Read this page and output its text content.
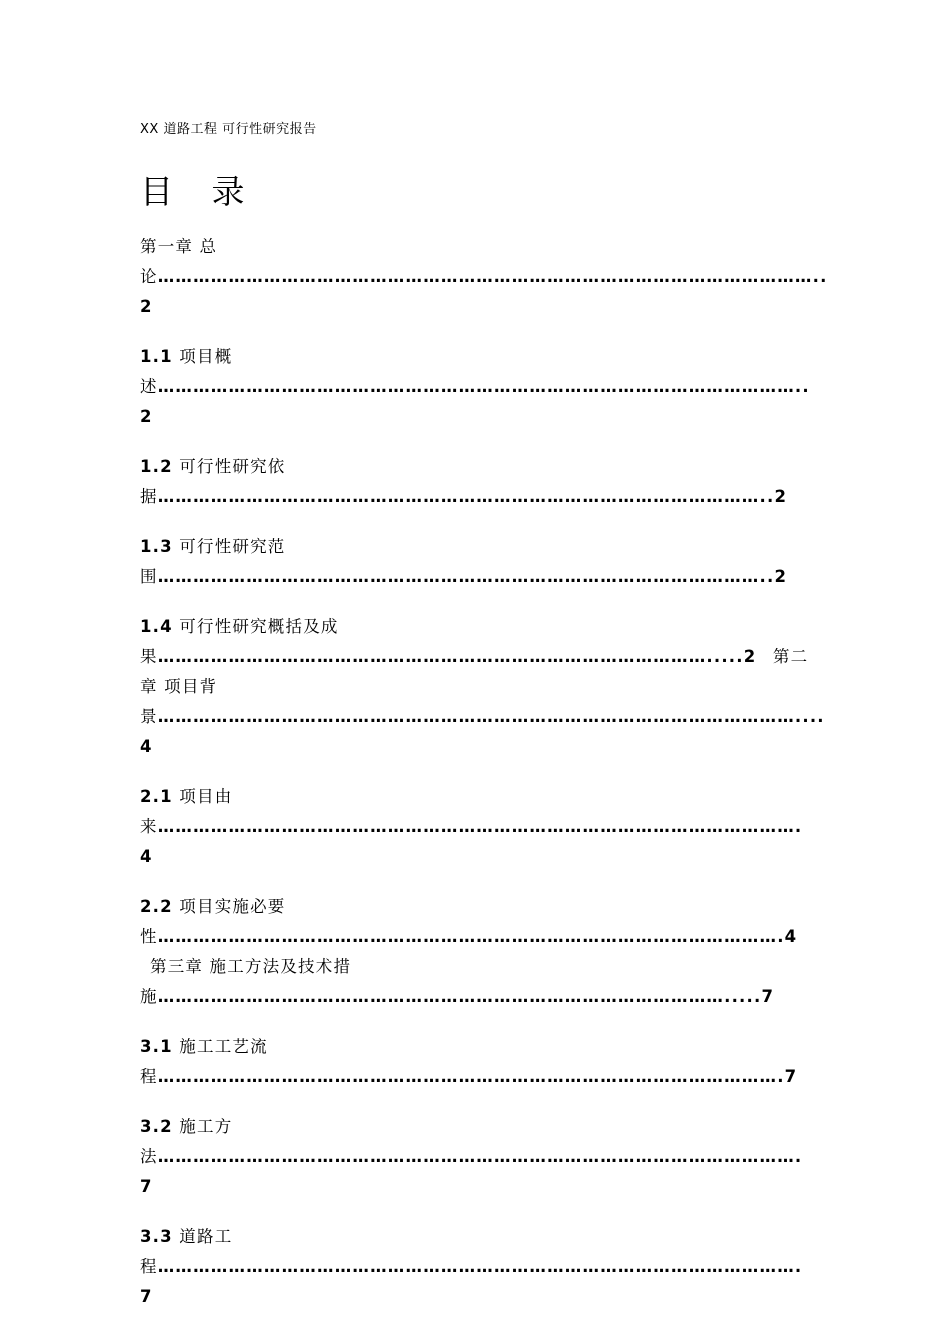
XX 道路工程 可行性研究报告
目 录
第一章 总 论…………………………………………………………………………………………………..2
1.1 项目概述………………………………………………………………………………………………..2
1.2 可行性研究依据…………………………………………………………………………………………..2
1.3 可行性研究范围…………………………………………………………………………………………..2
1.4 可行性研究概括及成果………………………………………………………………………………….....2 第二章 项目背景………………………………………………………………………………………………....4
2.1 项目由来……………………………………………………………………………………………….4
2.2 项目实施必要性…………………………………………………………………………………………….4 第三章 施工方法及技术措施…………………………………………………………………………………….....7
3.1 施工工艺流程…………………………………………………………………………………………….7
3.2 施工方法……………………………………………………………………………………………….7
3.3 道路工程……………………………………………………………………………………………….7
